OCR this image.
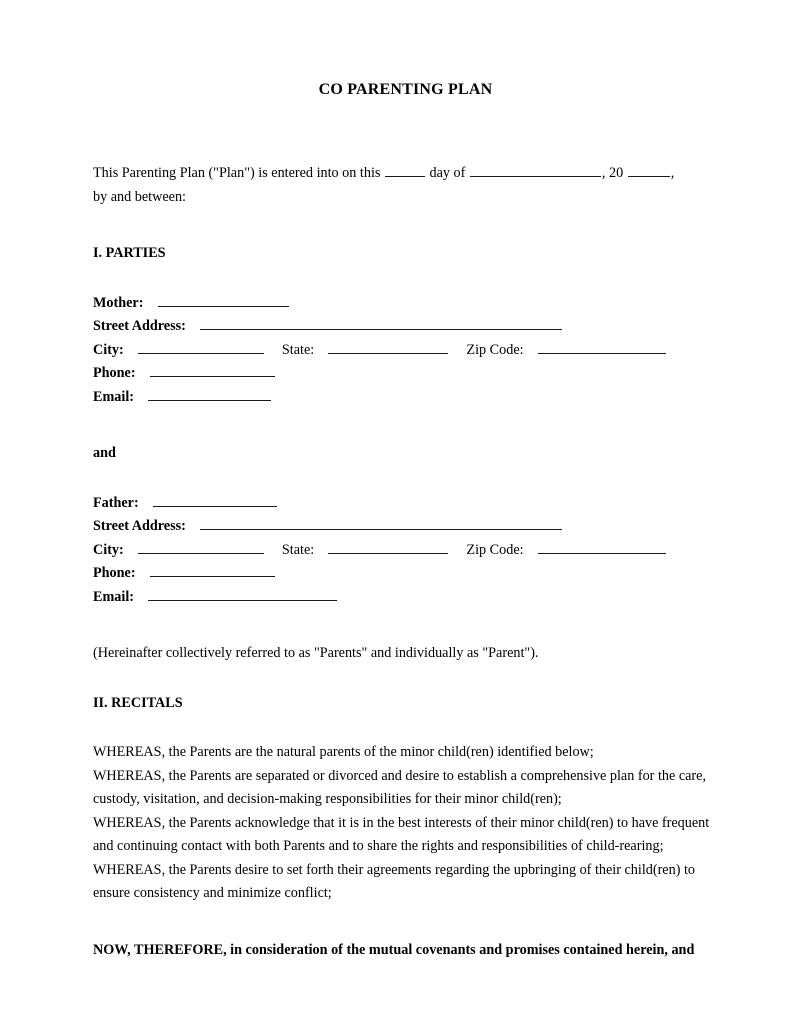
CO PARENTING PLAN

This Parenting Plan ("Plan") is entered into on this	day of	, 20	,
by and between:

I. PARTIES
Mother:
Street Address:
City:	State:	Zip Code:
Phone:
Email:
and
Father:
Street Address:
City:	State:	Zip Code:
Phone:
Email:

(Hereinafter collectively referred to as "Parents" and individually as "Parent").

II. RECITALS

WHEREAS, the Parents are the natural parents of the minor child(ren) identified below;

WHEREAS, the Parents are separated or divorced and desire to establish a comprehensive plan for the care, custody, visitation, and decision-making responsibilities for their minor child(ren);

WHEREAS, the Parents acknowledge that it is in the best interests of their minor child(ren) to have frequent and continuing contact with both Parents and to share the rights and responsibilities of child-rearing;

WHEREAS, the Parents desire to set forth their agreements regarding the upbringing of their child(ren) to ensure consistency and minimize conflict;

NOW, THEREFORE, in consideration of the mutual covenants and promises contained herein, and
